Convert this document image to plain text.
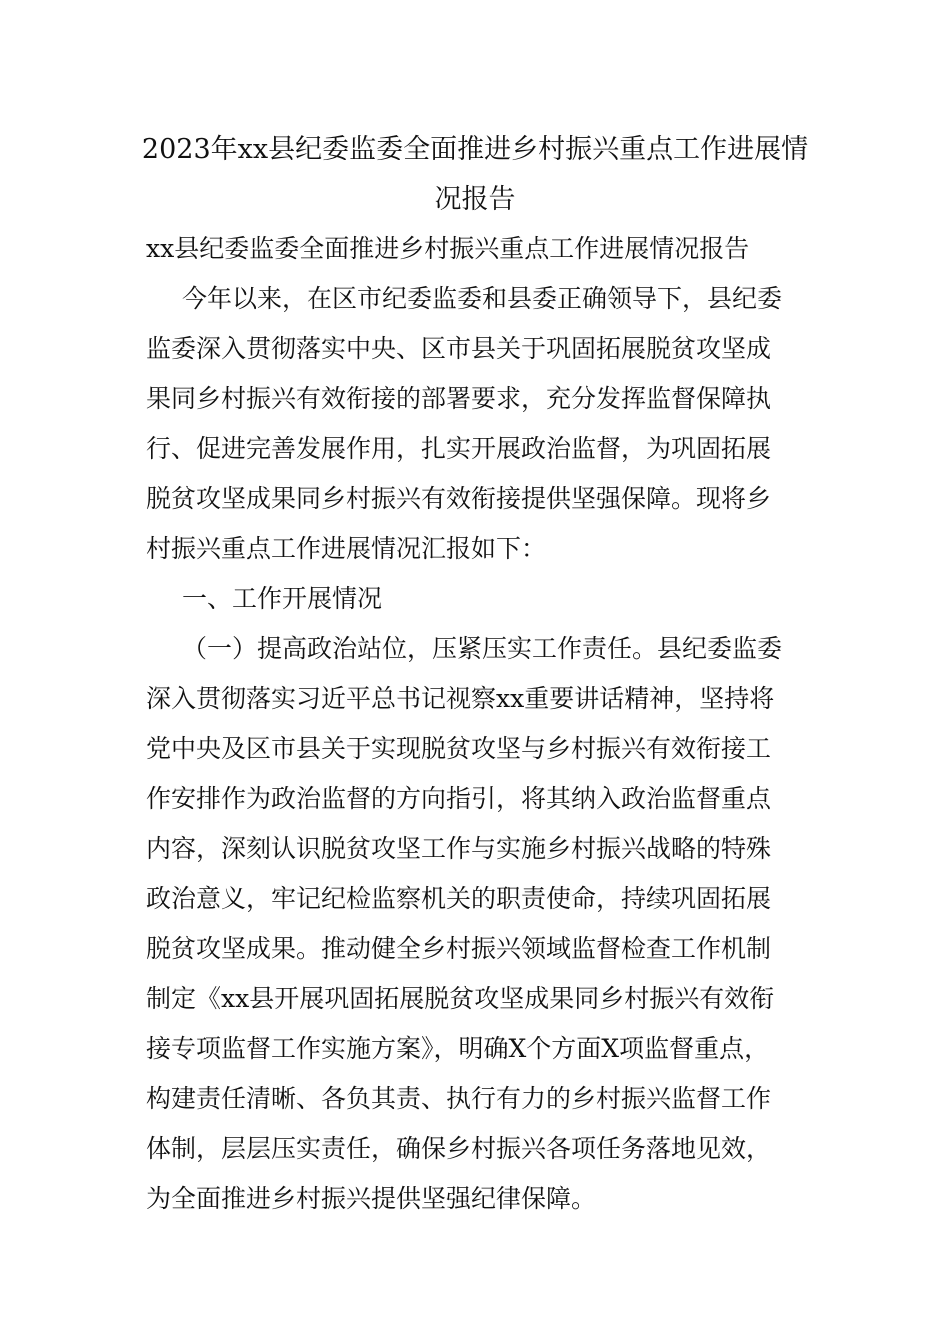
2023年xx县纪委监委全面推进乡村振兴重点工作进展情
况报告
xx县纪委监委全面推进乡村振兴重点工作进展情况报告
今年以来，在区市纪委监委和县委正确领导下，县纪委
监委深入贯彻落实中央、区市县关于巩固拓展脱贫攻坚成
果同乡村振兴有效衔接的部署要求，充分发挥监督保障执
行、促进完善发展作用，扎实开展政治监督，为巩固拓展
脱贫攻坚成果同乡村振兴有效衔接提供坚强保障。现将乡
村振兴重点工作进展情况汇报如下：
一、工作开展情况
（一）提高政治站位，压紧压实工作责任。县纪委监委
深入贯彻落实习近平总书记视察xx重要讲话精神，坚持将
党中央及区市县关于实现脱贫攻坚与乡村振兴有效衔接工
作安排作为政治监督的方向指引，将其纳入政治监督重点
内容，深刻认识脱贫攻坚工作与实施乡村振兴战略的特殊
政治意义，牢记纪检监察机关的职责使命，持续巩固拓展
脱贫攻坚成果。推动健全乡村振兴领域监督检查工作机制
制定《xx县开展巩固拓展脱贫攻坚成果同乡村振兴有效衔
接专项监督工作实施方案》，明确X个方面X项监督重点，
构建责任清晰、各负其责、执行有力的乡村振兴监督工作
体制，层层压实责任，确保乡村振兴各项任务落地见效，
为全面推进乡村振兴提供坚强纪律保障。
